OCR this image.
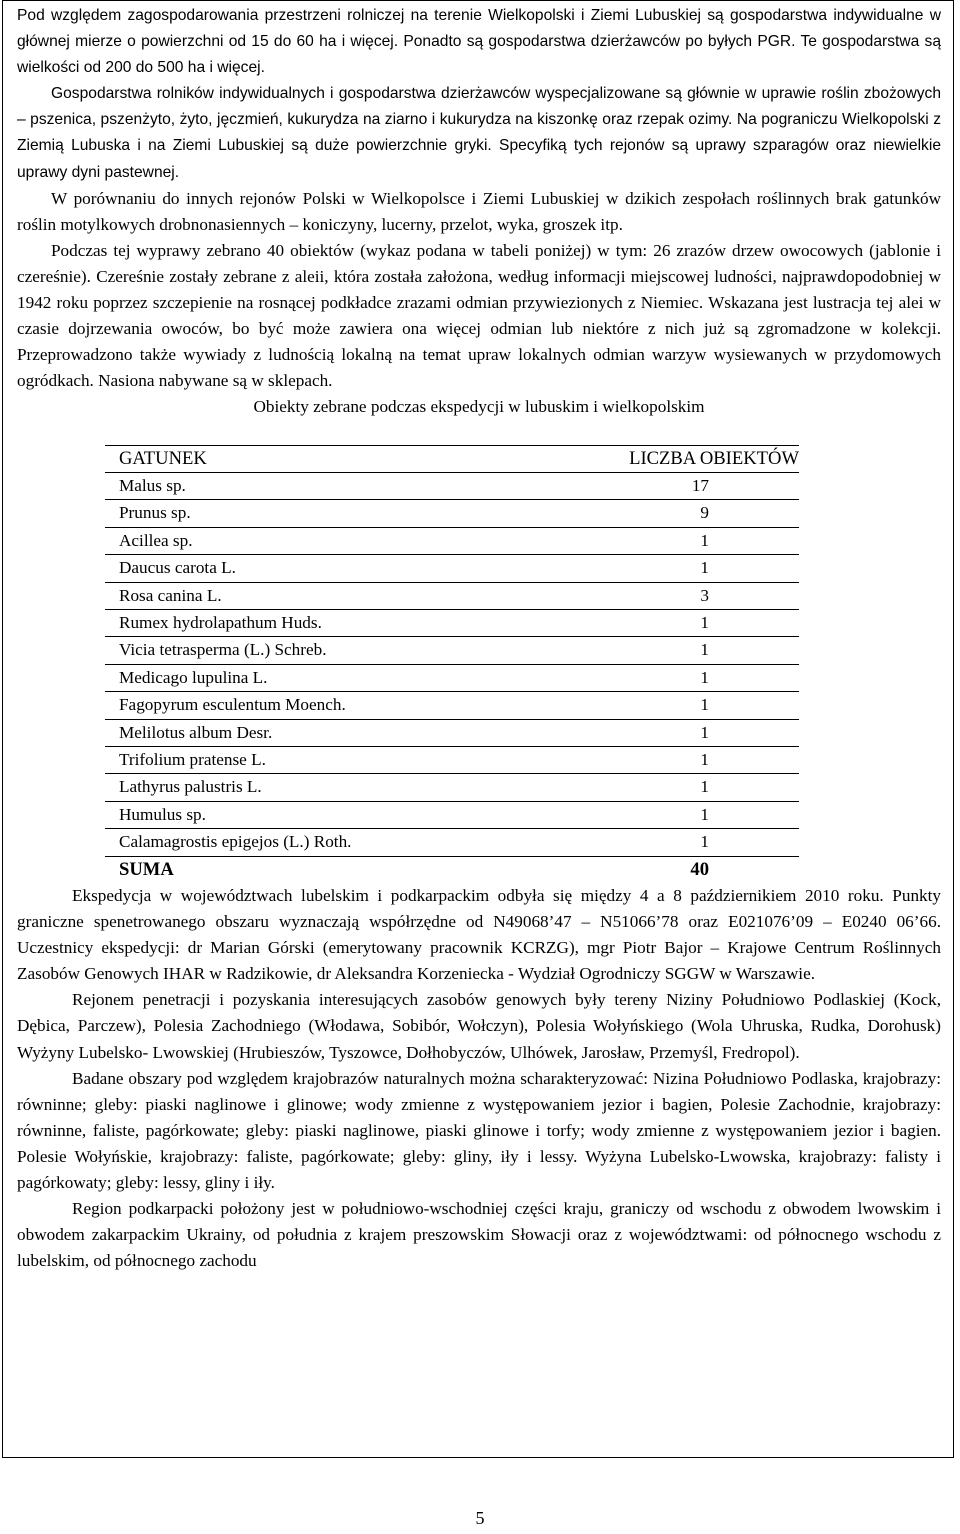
Pod względem zagospodarowania przestrzeni rolniczej na terenie Wielkopolski i Ziemi Lubuskiej są gospodarstwa indywidualne w głównej mierze o powierzchni od 15 do 60 ha i więcej. Ponadto są gospodarstwa dzierżawców po byłych PGR. Te gospodarstwa są wielkości od 200 do 500 ha i więcej.

Gospodarstwa rolników indywidualnych i gospodarstwa dzierżawców wyspecjalizowane są głównie w uprawie roślin zbożowych – pszenica, pszenżyto, żyto, jęczmień, kukurydza na ziarno i kukurydza na kiszonkę oraz rzepak ozimy. Na pograniczu Wielkopolski z Ziemią Lubuska i na Ziemi Lubuskiej są duże powierzchnie gryki. Specyfiką tych rejonów są uprawy szparagów oraz niewielkie uprawy dyni pastewnej.

W porównaniu do innych rejonów Polski w Wielkopolsce i Ziemi Lubuskiej w dzikich zespołach roślinnych brak gatunków roślin motylkowych drobnonasiennych – koniczyny, lucerny, przelot, wyka, groszek itp.

Podczas tej wyprawy zebrano 40 obiektów (wykaz podana w tabeli poniżej) w tym: 26 zrazów drzew owocowych (jablonie i czereśnie). Czereśnie zostały zebrane z aleii, która została założona, według informacji miejscowej ludności, najprawdopodobniej w 1942 roku poprzez szczepienie na rosnącej podkładce zrazami odmian przywiezionych z Niemiec. Wskazana jest lustracja tej alei w czasie dojrzewania owoców, bo być może zawiera ona więcej odmian lub niektóre z nich już są zgromadzone w kolekcji. Przeprowadzono także wywiady z ludnością lokalną na temat upraw lokalnych odmian warzyw wysiewanych w przydomowych ogródkach. Nasiona nabywane są w sklepach.

Obiekty zebrane podczas ekspedycji w lubuskim i wielkopolskim

GATUNEK	LICZBA OBIEKTÓW
Malus sp.	17
Prunus sp.	9
Acillea sp.	1
Daucus carota L.	1
Rosa canina L.	3
Rumex hydrolapathum Huds.	1
Vicia tetrasperma (L.) Schreb.	1
Medicago lupulina L.	1
Fagopyrum esculentum Moench.	1
Melilotus album Desr.	1
Trifolium pratense L.	1
Lathyrus palustris L.	1
Humulus sp.	1
Calamagrostis epigejos (L.) Roth.	1
SUMA	40

Ekspedycja w województwach lubelskim i podkarpackim odbyła się między 4 a 8 październikiem 2010 roku. Punkty graniczne spenetrowanego obszaru wyznaczają współrzędne od N49068’47 – N51066’78 oraz E021076’09 – E0240 06’66. Uczestnicy ekspedycji: dr Marian Górski (emerytowany pracownik KCRZG), mgr Piotr Bajor – Krajowe Centrum Roślinnych Zasobów Genowych IHAR w Radzikowie, dr Aleksandra Korzeniecka - Wydział Ogrodniczy SGGW w Warszawie.

Rejonem penetracji i pozyskania interesujących zasobów genowych były tereny Niziny Południowo Podlaskiej (Kock, Dębica, Parczew), Polesia Zachodniego (Włodawa, Sobibór, Wołczyn), Polesia Wołyńskiego (Wola Uhruska, Rudka, Dorohusk) Wyżyny Lubelsko- Lwowskiej (Hrubieszów, Tyszowce, Dołhobyczów, Ulhówek, Jarosław, Przemyśl, Fredropol).

Badane obszary pod względem krajobrazów naturalnych można scharakteryzować: Nizina Południowo Podlaska, krajobrazy: równinne; gleby: piaski naglinowe i glinowe; wody zmienne z występowaniem jezior i bagien, Polesie Zachodnie, krajobrazy: równinne, faliste, pagórkowate; gleby: piaski naglinowe, piaski glinowe i torfy; wody zmienne z występowaniem jezior i bagien. Polesie Wołyńskie, krajobrazy: faliste, pagórkowate; gleby: gliny, iły i lessy. Wyżyna Lubelsko-Lwowska, krajobrazy: falisty i pagórkowaty; gleby: lessy, gliny i iły.

Region podkarpacki położony jest w południowo-wschodniej części kraju, graniczy od wschodu z obwodem lwowskim i obwodem zakarpackim Ukrainy, od południa z krajem preszowskim Słowacji oraz z województwami: od północnego wschodu z lubelskim, od północnego zachodu

5
